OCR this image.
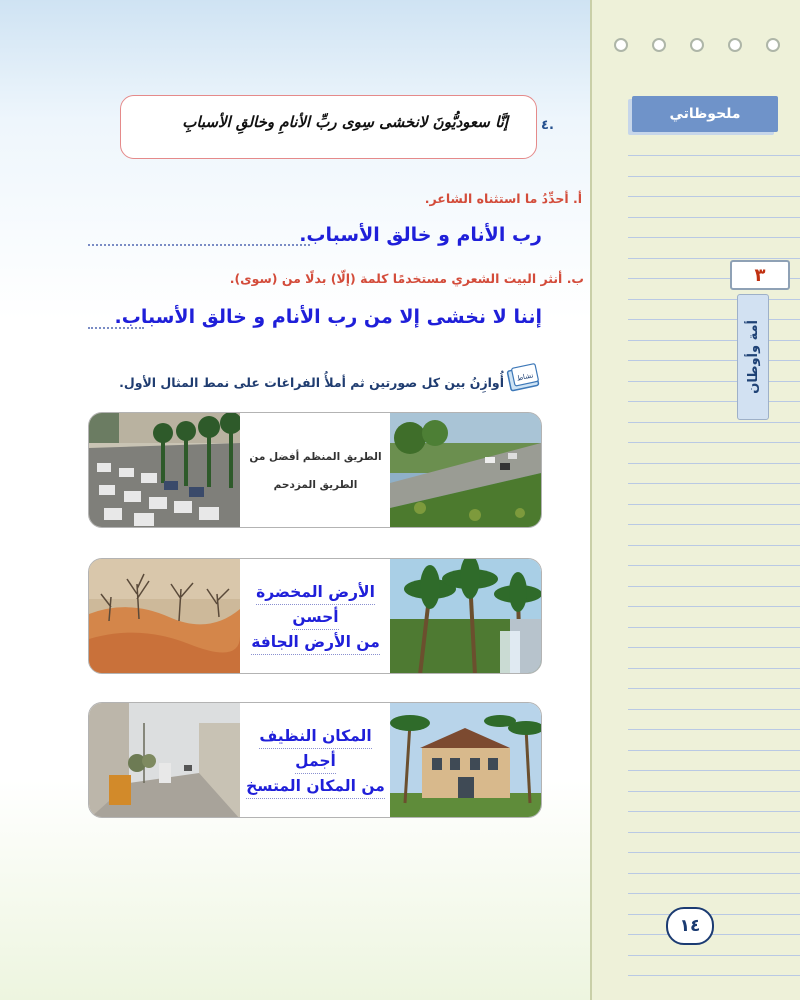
ملحوظاتي
٣
أمة وأوطان
١٤
إنَّا سعوديُّونَ لانخشى سِوى ربِّ الأنامِ وخالقِ الأسبابِ	٤.
أ. أحدِّدُ ما استثناه الشاعر.
رب الأنام و خالق الأسباب.
ب. أنثر البيت الشعري مستخدمًا كلمة (إلّا) بدلًا من (سوى).
إننا لا نخشى إلا من رب الأنام و خالق الأسباب.
نشاط
أُوازِنُ بين كل صورتين ثم أملأُ الفراغات على نمط المثال الأول.
الطريق المنظم أفضل من
الطريق المزدحم
الأرض المخضرة
أحسن
من الأرض الجافة
المكان النظيف
أجمل
من المكان المتسخ
